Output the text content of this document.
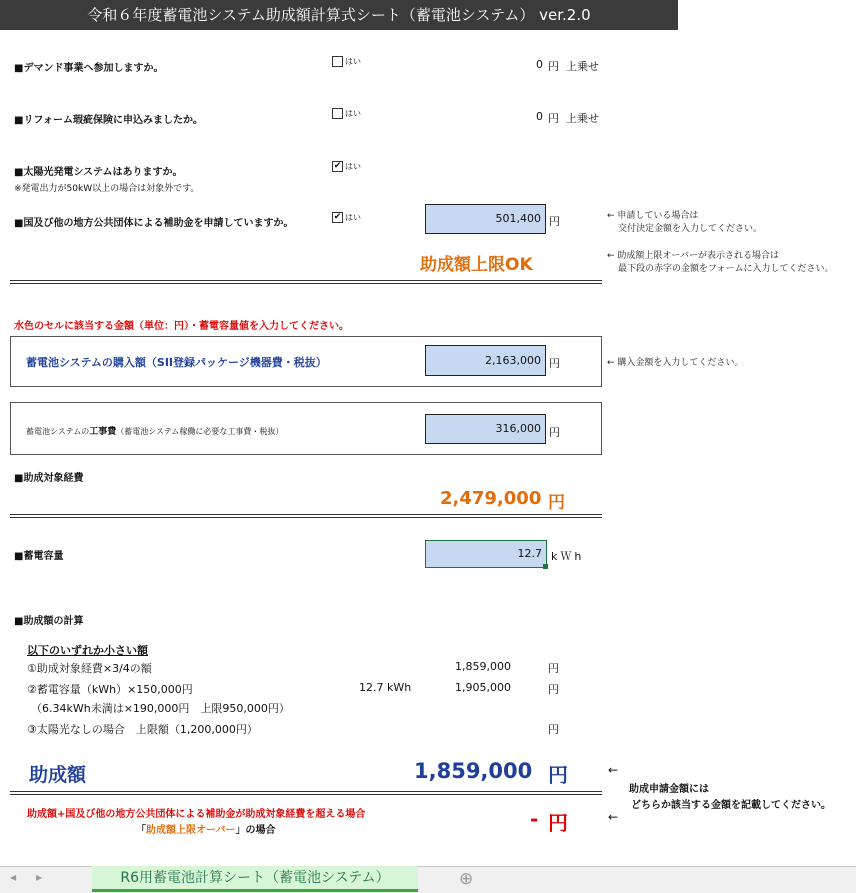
令和６年度蓄電池システム助成額計算式シート（蓄電池システム） ver.2.0
■デマンド事業へ参加しますか。
はい	0 円 上乗せ
■リフォーム瑕疵保険に申込みましたか。
はい	0 円 上乗せ
■太陽光発電システムはありますか。
✔ はい
※発電出力が50kW以上の場合は対象外です。
■国及び他の地方公共団体による補助金を申請していますか。
✔ はい	501,400 円	← 申請している場合は
交付決定金額を入力してください。
助成額上限OK	← 助成額上限オーバーが表示される場合は
最下段の赤字の金額をフォームに入力してください。
水色のセルに該当する金額（単位：円）・蓄電容量値を入力してください。
蓄電池システムの購入額（SII登録パッケージ機器費・税抜）	2,163,000 円	← 購入金額を入力してください。
蓄電池システムの工事費（蓄電池システム稼働に必要な工事費・税抜）	316,000 円
■助成対象経費
2,479,000 円
■蓄電容量	12.7 kＷh
■助成額の計算
以下のいずれか小さい額
①助成対象経費×3/4の額	1,859,000	円
②蓄電容量（kWh）×150,000円	12.7 kWh	1,905,000	円
（6.34kWh未満は×190,000円　上限950,000円）
③太陽光なしの場合　上限額（1,200,000円）	円
助成額	1,859,000 円	←
助成申請金額には
どちらか該当する金額を記載してください。
助成額+国及び他の地方公共団体による補助金が助成対象経費を超える場合
「助成額上限オーバー」の場合	- 円	←
◀ ▶	R6用蓄電池計算シート（蓄電池システム）	⊕
